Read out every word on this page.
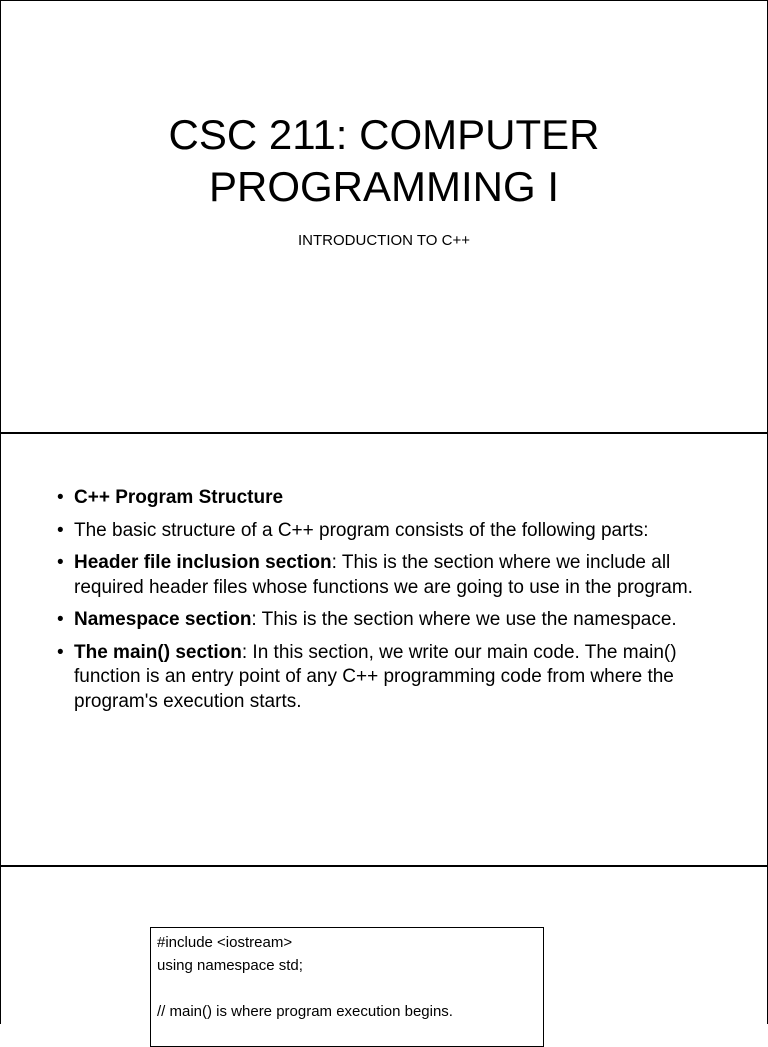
CSC 211: COMPUTER
PROGRAMMING I
INTRODUCTION TO C++
• C++ Program Structure
• The basic structure of a C++ program consists of the following parts:
• Header file inclusion section: This is the section where we include all required header files whose functions we are going to use in the program.
• Namespace section: This is the section where we use the namespace.
• The main() section: In this section, we write our main code. The main() function is an entry point of any C++ programming code from where the program's execution starts.
#include <iostream>
using namespace std;
// main() is where program execution begins.
